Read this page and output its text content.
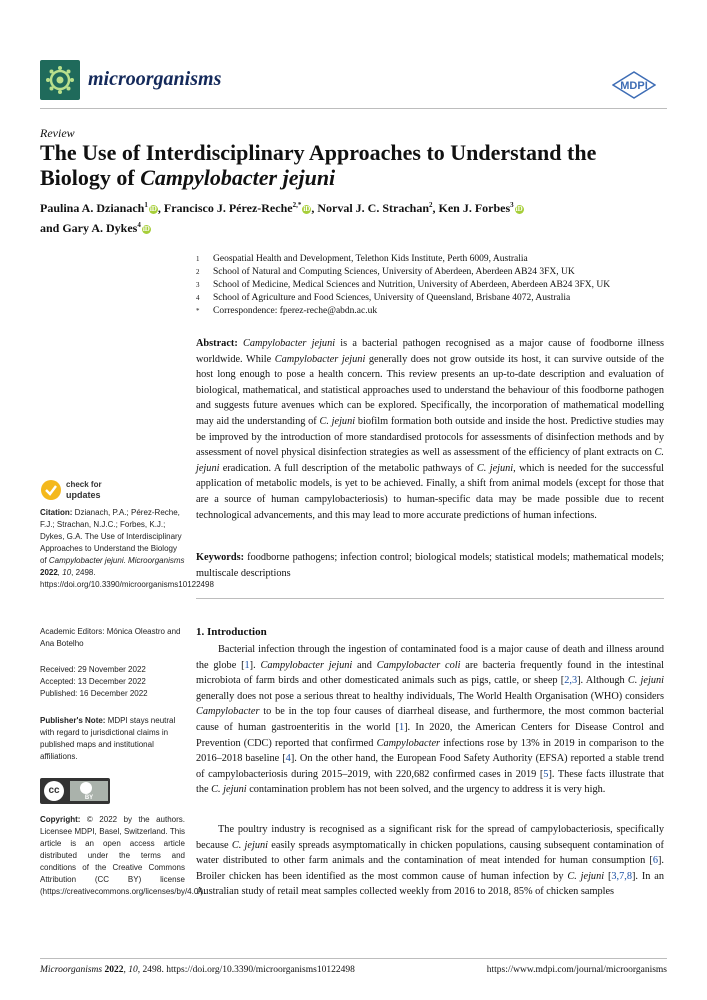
microorganisms	MDPI
Review
The Use of Interdisciplinary Approaches to Understand the
Biology of Campylobacter jejuni
Paulina A. Dzianach$^1$ iD, Francisco J. Pérez-Reche$^{2,*}$ iD, Norval J. C. Strachan$^2$, Ken J. Forbes$^3$ iD
and Gary A. Dykes$^4$ iD
1	Geospatial Health and Development, Telethon Kids Institute, Perth 6009, Australia
2	School of Natural and Computing Sciences, University of Aberdeen, Aberdeen AB24 3FX, UK
3	School of Medicine, Medical Sciences and Nutrition, University of Aberdeen, Aberdeen AB24 3FX, UK
4	School of Agriculture and Food Sciences, University of Queensland, Brisbane 4072, Australia
*	Correspondence: fperez-reche@abdn.ac.uk
Abstract: Campylobacter jejuni is a bacterial pathogen recognised as a major cause of foodborne illness worldwide. While Campylobacter jejuni generally does not grow outside its host, it can survive outside of the host long enough to pose a health concern. This review presents an up-to-date description and evaluation of biological, mathematical, and statistical approaches used to understand the behaviour of this foodborne pathogen and suggests future avenues which can be explored. Specifically, the incorporation of mathematical modelling may aid the understanding of C. jejuni biofilm formation both outside and inside the host. Predictive studies may be improved by the introduction of more standardised protocols for assessments of disinfection methods and by assessment of novel physical disinfection strategies as well as assessment of the efficiency of plant extracts on C. jejuni eradication. A full description of the metabolic pathways of C. jejuni, which is needed for the successful application of metabolic models, is yet to be achieved. Finally, a shift from animal models (except for those that are a source of human campylobacteriosis) to human-specific data may be made possible due to recent technological advancements, and this may lead to more accurate predictions of human infections.
Keywords: foodborne pathogens; infection control; biological models; statistical models; mathematical models; multiscale descriptions
1. Introduction
Bacterial infection through the ingestion of contaminated food is a major cause of death and illness around the globe [1]. Campylobacter jejuni and Campylobacter coli are bacteria frequently found in the intestinal microbiota of farm birds and other domesticated animals such as pigs, cattle, or sheep [2,3]. Although C. jejuni generally does not pose a serious threat to healthy individuals, The World Health Organisation (WHO) considers Campylobacter to be in the top four causes of diarrheal disease, and furthermore, the most common bacterial cause of human gastroenteritis in the world [1]. In 2020, the American Centers for Disease Control and Prevention (CDC) reported that confirmed Campylobacter infections rose by 13% in 2019 in comparison to the 2016–2018 baseline [4]. On the other hand, the European Food Safety Authority (EFSA) reported a stable trend of campylobacteriosis during 2015–2019, with 220,682 confirmed cases in 2019 [5]. These facts illustrate that the C. jejuni contamination problem has not been solved, and the urgency to address it is very high.
The poultry industry is recognised as a significant risk for the spread of campylobacteriosis, specifically because C. jejuni easily spreads asymptomatically in chicken populations, causing subsequent contamination of water distributed to other farm animals and the contamination of meat intended for human consumption [6]. Broiler chicken has been identified as the most common cause of human infection by C. jejuni [3,7,8]. In an Australian study of retail meat samples collected weekly from 2016 to 2018, 85% of chicken samples
check for
updates
Citation: Dzianach, P.A.; Pérez-Reche, F.J.; Strachan, N.J.C.; Forbes, K.J.; Dykes, G.A. The Use of Interdisciplinary Approaches to Understand the Biology of Campylobacter jejuni. Microorganisms 2022, 10, 2498. https://doi.org/10.3390/microorganisms10122498
Academic Editors: Mónica Oleastro and Ana Botelho
Received: 29 November 2022
Accepted: 13 December 2022
Published: 16 December 2022
Publisher's Note: MDPI stays neutral with regard to jurisdictional claims in published maps and institutional affiliations.
cc
BY
Copyright: © 2022 by the authors. Licensee MDPI, Basel, Switzerland. This article is an open access article distributed under the terms and conditions of the Creative Commons Attribution (CC BY) license (https://creativecommons.org/licenses/by/4.0/).
Microorganisms 2022, 10, 2498. https://doi.org/10.3390/microorganisms10122498	https://www.mdpi.com/journal/microorganisms
